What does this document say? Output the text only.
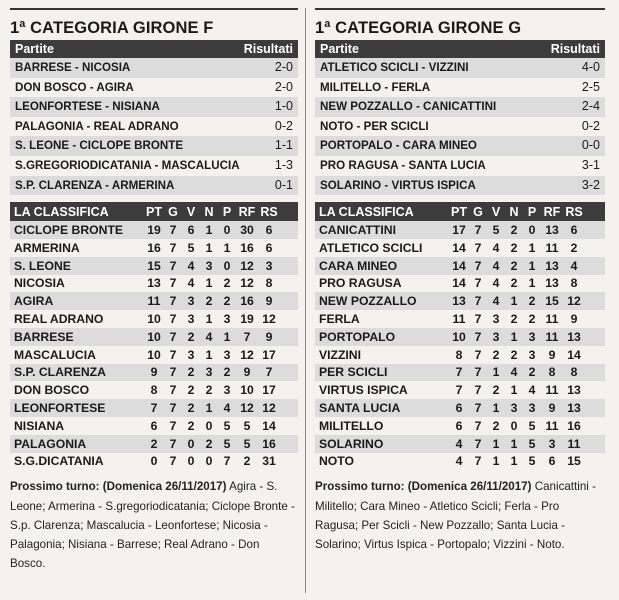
1ª CATEGORIA GIRONE F
Partite	Risultati
BARRESE - NICOSIA	2-0
DON BOSCO - AGIRA	2-0
LEONFORTESE - NISIANA	1-0
PALAGONIA - REAL ADRANO	0-2
S. LEONE - CICLOPE BRONTE	1-1
S.GREGORIODICATANIA - MASCALUCIA	1-3
S.P. CLARENZA - ARMERINA	0-1
LA CLASSIFICA	PT G V N P RF RS
CICLOPE BRONTE	19 7 6 1 0 30 6
ARMERINA	16 7 5 1 1 16 6
S. LEONE	15 7 4 3 0 12 3
NICOSIA	13 7 4 1 2 12 8
AGIRA	11 7 3 2 2 16 9
REAL ADRANO	10 7 3 1 3 19 12
BARRESE	10 7 2 4 1	7	9
MASCALUCIA	10 7 3 1 3 12 17
S.P. CLARENZA	9	7 2 3 2	9	7
DON BOSCO	8	7 2 2 3 10 17
LEONFORTESE	7	7 2 1 4 12 12
NISIANA	6	7 2 0 5	5 14
PALAGONIA	2	7 0 2 5	5 16
S.G.DICATANIA	0	7 0 0 7	2 31
Prossimo turno: (Domenica 26/11/2017) Agira - S. Leone; Armerina - S.gregoriodicatania; Ciclope Bronte - S.p. Clarenza; Mascalucia - Leonfortese; Nicosia - Palagonia; Nisiana - Barrese; Real Adrano - Don Bosco.
1ª CATEGORIA GIRONE G
Partite	Risultati
ATLETICO SCICLI - VIZZINI	4-0
MILITELLO - FERLA	2-5
NEW POZZALLO - CANICATTINI	2-4
NOTO - PER SCICLI	0-2
PORTOPALO - CARA MINEO	0-0
PRO RAGUSA - SANTA LUCIA	3-1
SOLARINO - VIRTUS ISPICA	3-2
LA CLASSIFICA	PT G V N P RF RS
CANICATTINI	17 7 5 2 0 13 6
ATLETICO SCICLI	14 7 4 2 1 11 2
CARA MINEO	14 7 4 2 1 13 4
PRO RAGUSA	14 7 4 2 1 13 8
NEW POZZALLO	13 7 4 1 2 15 12
FERLA	11 7 3 2 2 11 9
PORTOPALO	10 7 3 1 3 11 13
VIZZINI	8	7 2 2 3	9 14
PER SCICLI	7	7 1 4 2	8	8
VIRTUS ISPICA	7	7 2 1 4 11 13
SANTA LUCIA	6	7 1 3 3	9 13
MILITELLO	6	7 2 0 5 11 16
SOLARINO	4	7 1 1 5	3 11
NOTO	4	7 1 1 5	6 15
Prossimo turno: (Domenica 26/11/2017) Canicattini - Militello; Cara Mineo - Atletico Scicli; Ferla - Pro Ragusa; Per Scicli - New Pozzallo; Santa Lucia - Solarino; Virtus Ispica - Portopalo; Vizzini - Noto.
